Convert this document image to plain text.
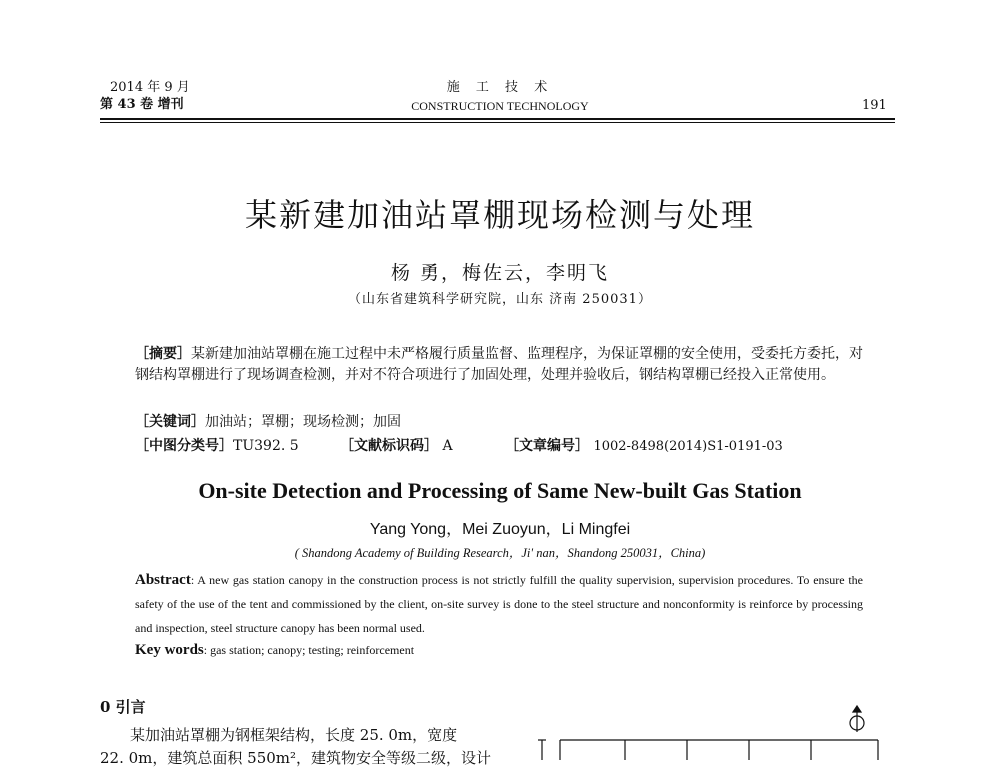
2014 年 9 月
第 43 卷 增刊
施 工 技 术
CONSTRUCTION TECHNOLOGY	191
某新建加油站罩棚现场检测与处理
杨 勇，梅佐云，李明飞
（山东省建筑科学研究院，山东 济南 250031）
［摘要］某新建加油站罩棚在施工过程中未严格履行质量监督、监理程序，为保证罩棚的安全使用，受委托方委托，对钢结构罩棚进行了现场调查检测，并对不符合项进行了加固处理，处理并验收后，钢结构罩棚已经投入正常使用。
［关键词］加油站；罩棚；现场检测；加固
［中图分类号］TU392. 5	［文献标识码］ A	［文章编号］ 1002-8498(2014)S1-0191-03
On-site Detection and Processing of Same New-built Gas Station
Yang Yong，Mei Zuoyun，Li Mingfei
( Shandong Academy of Building Research，Ji' nan，Shandong 250031，China)
Abstract: A new gas station canopy in the construction process is not strictly fulfill the quality supervision, supervision procedures. To ensure the safety of the use of the tent and commissioned by the client, on-site survey is done to the steel structure and nonconformity is reinforce by processing and inspection, steel structure canopy has been normal used.
Key words: gas station; canopy; testing; reinforcement
0 引言
某加油站罩棚为钢框架结构，长度 25. 0m，宽度
22. 0m，建筑总面积 550m²，建筑物安全等级二级，设计
